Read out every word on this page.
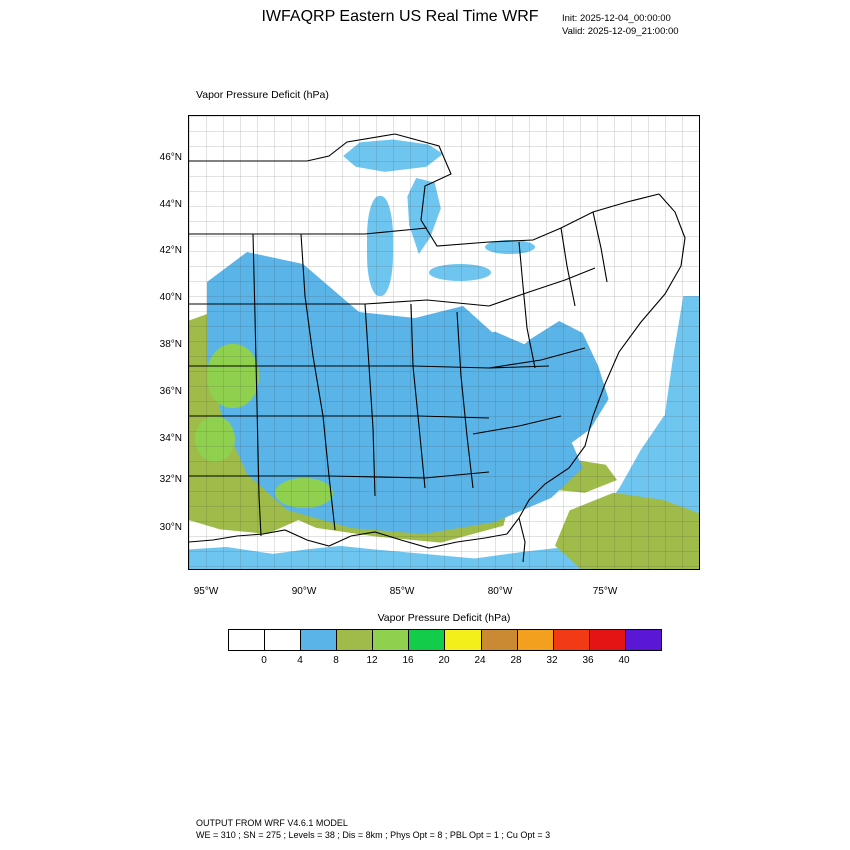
IWFAQRP Eastern US Real Time WRF	Init: 2025-12-04_00:00:00
Valid: 2025-12-09_21:00:00
Vapor Pressure Deficit (hPa)
46°N
44°N
42°N
40°N
38°N
36°N
34°N
32°N
30°N
95°W	90°W	85°W	80°W	75°W
Vapor Pressure Deficit (hPa)
0	4	8	12	16	20	24	28	32	36	40
OUTPUT FROM WRF V4.6.1 MODEL
WE = 310 ; SN = 275 ; Levels = 38 ; Dis = 8km ; Phys Opt = 8 ; PBL Opt = 1 ; Cu Opt = 3
